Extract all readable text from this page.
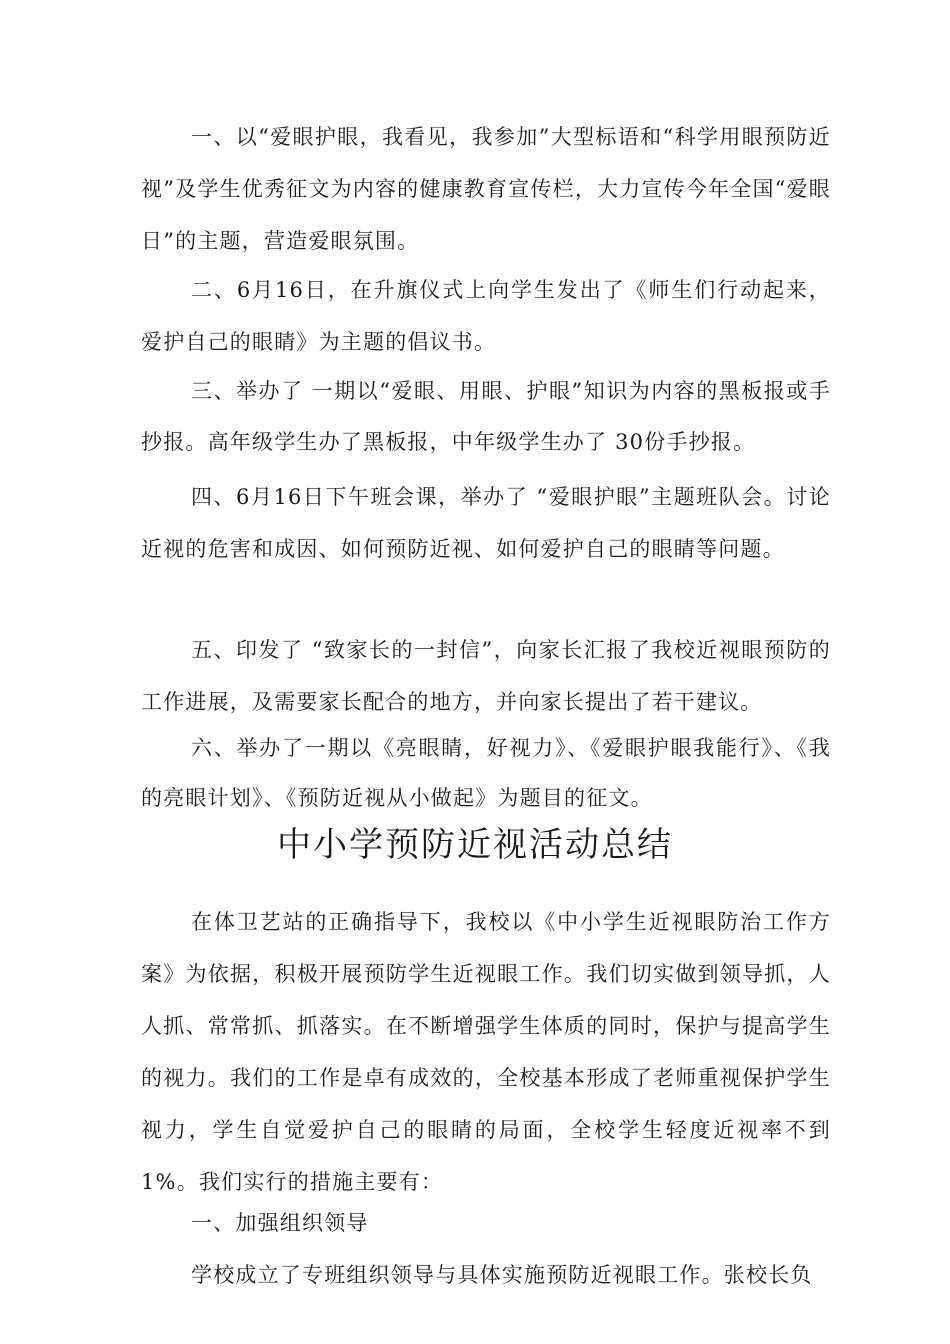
一、以“爱眼护眼，我看见，我参加”大型标语和“科学用眼预防近视”及学生优秀征文为内容的健康教育宣传栏，大力宣传今年全国“爱眼日”的主题，营造爱眼氛围。

二、6月16日，在升旗仪式上向学生发出了《师生们行动起来，爱护自己的眼睛》为主题的倡议书。

三、举办了 一期以“爱眼、用眼、护眼”知识为内容的黑板报或手抄报。高年级学生办了黑板报，中年级学生办了 30份手抄报。

四、6月16日下午班会课，举办了 “爱眼护眼”主题班队会。讨论近视的危害和成因、如何预防近视、如何爱护自己的眼睛等问题。

五、印发了 “致家长的一封信”，向家长汇报了我校近视眼预防的工作进展，及需要家长配合的地方，并向家长提出了若干建议。

六、举办了一期以《亮眼睛，好视力》、《爱眼护眼我能行》、《我的亮眼计划》、《预防近视从小做起》为题目的征文。

中小学预防近视活动总结

在体卫艺站的正确指导下，我校以《中小学生近视眼防治工作方案》为依据，积极开展预防学生近视眼工作。我们切实做到领导抓，人人抓、常常抓、抓落实。在不断增强学生体质的同时，保护与提高学生的视力。我们的工作是卓有成效的，全校基本形成了老师重视保护学生视力，学生自觉爱护自己的眼睛的局面，全校学生轻度近视率不到1%。我们实行的措施主要有：

一、加强组织领导

学校成立了专班组织领导与具体实施预防近视眼工作。张校长负
